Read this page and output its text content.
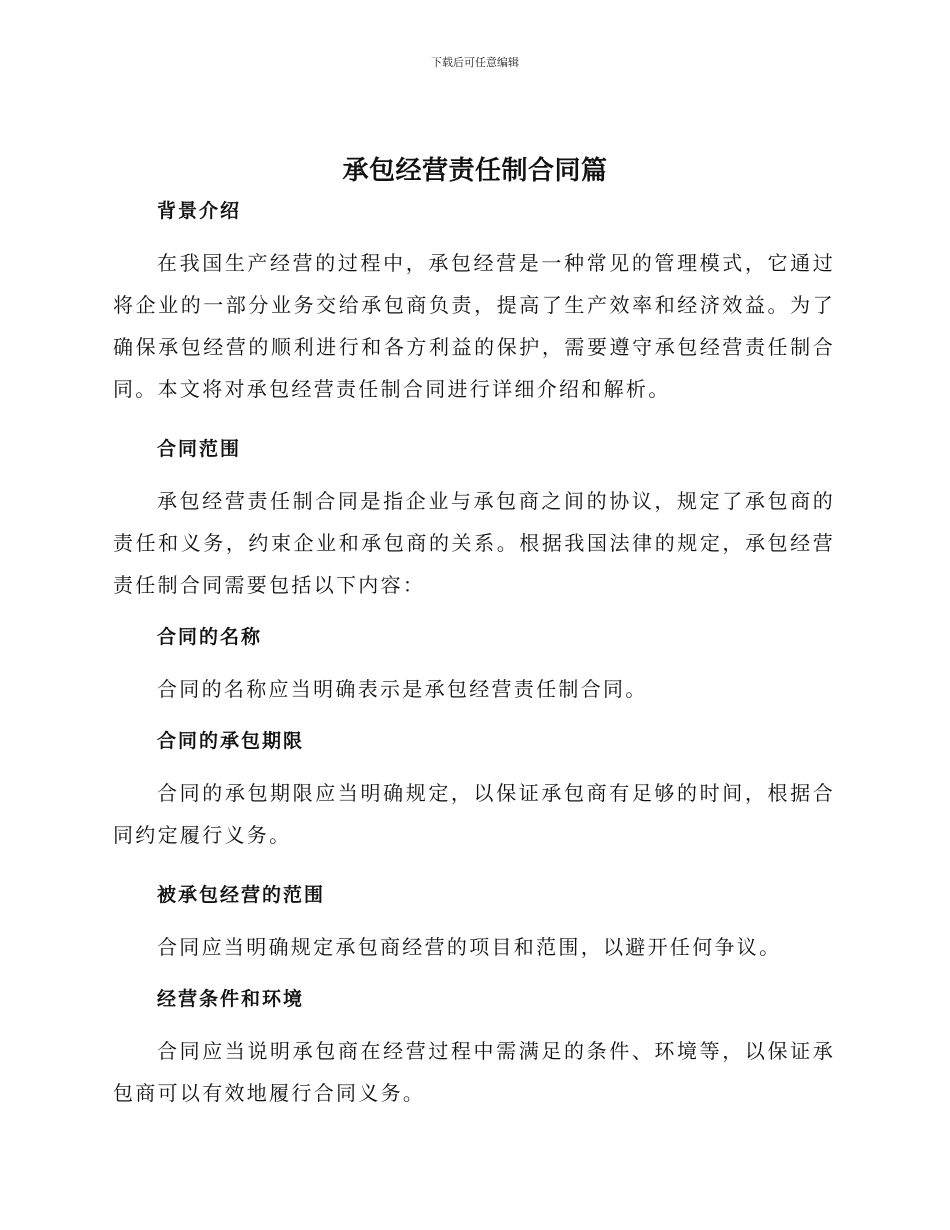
下载后可任意编辑
承包经营责任制合同篇
背景介绍

在我国生产经营的过程中，承包经营是一种常见的管理模式，它通过将企业的一部分业务交给承包商负责，提高了生产效率和经济效益。为了确保承包经营的顺利进行和各方利益的保护，需要遵守承包经营责任制合同。本文将对承包经营责任制合同进行详细介绍和解析。

合同范围

承包经营责任制合同是指企业与承包商之间的协议，规定了承包商的责任和义务，约束企业和承包商的关系。根据我国法律的规定，承包经营责任制合同需要包括以下内容：

合同的名称

合同的名称应当明确表示是承包经营责任制合同。

合同的承包期限

合同的承包期限应当明确规定，以保证承包商有足够的时间，根据合同约定履行义务。

被承包经营的范围

合同应当明确规定承包商经营的项目和范围，以避开任何争议。

经营条件和环境

合同应当说明承包商在经营过程中需满足的条件、环境等，以保证承包商可以有效地履行合同义务。
